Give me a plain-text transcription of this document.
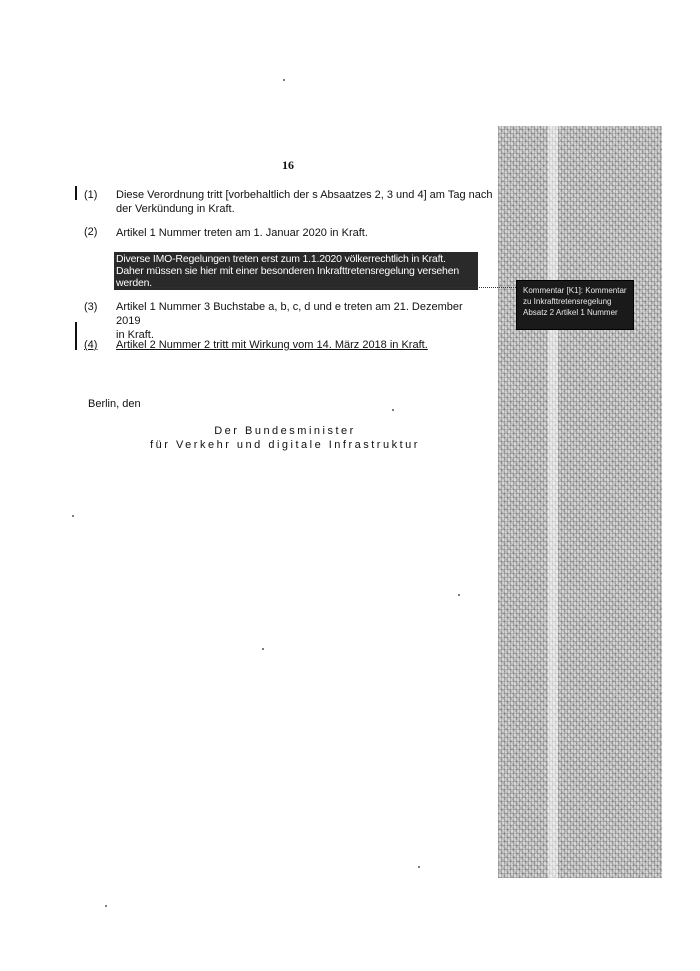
16
(1) Diese Verordnung tritt [vorbehaltlich der s Absaatzes 2, 3 und 4] am Tag nach
der Verkündung in Kraft.
(2) Artikel 1 Nummer treten am 1. Januar 2020 in Kraft.
Diverse IMO-Regelungen treten erst zum 1.1.2020 völkerrechtlich in Kraft.
Daher müssen sie hier mit einer besonderen Inkrafttretensregelung versehen
werden.
Kommentar [K1]: Kommentar zu Inkrafttretensregelung Absatz 2 Artikel 1 Nummer
(3) Artikel 1 Nummer 3 Buchstabe a, b, c, d und e treten am 21. Dezember 2019
in Kraft.
(4) Artikel 2 Nummer 2 tritt mit Wirkung vom 14. März 2018 in Kraft.
Berlin, den
Der Bundesminister
für Verkehr und digitale Infrastruktur
